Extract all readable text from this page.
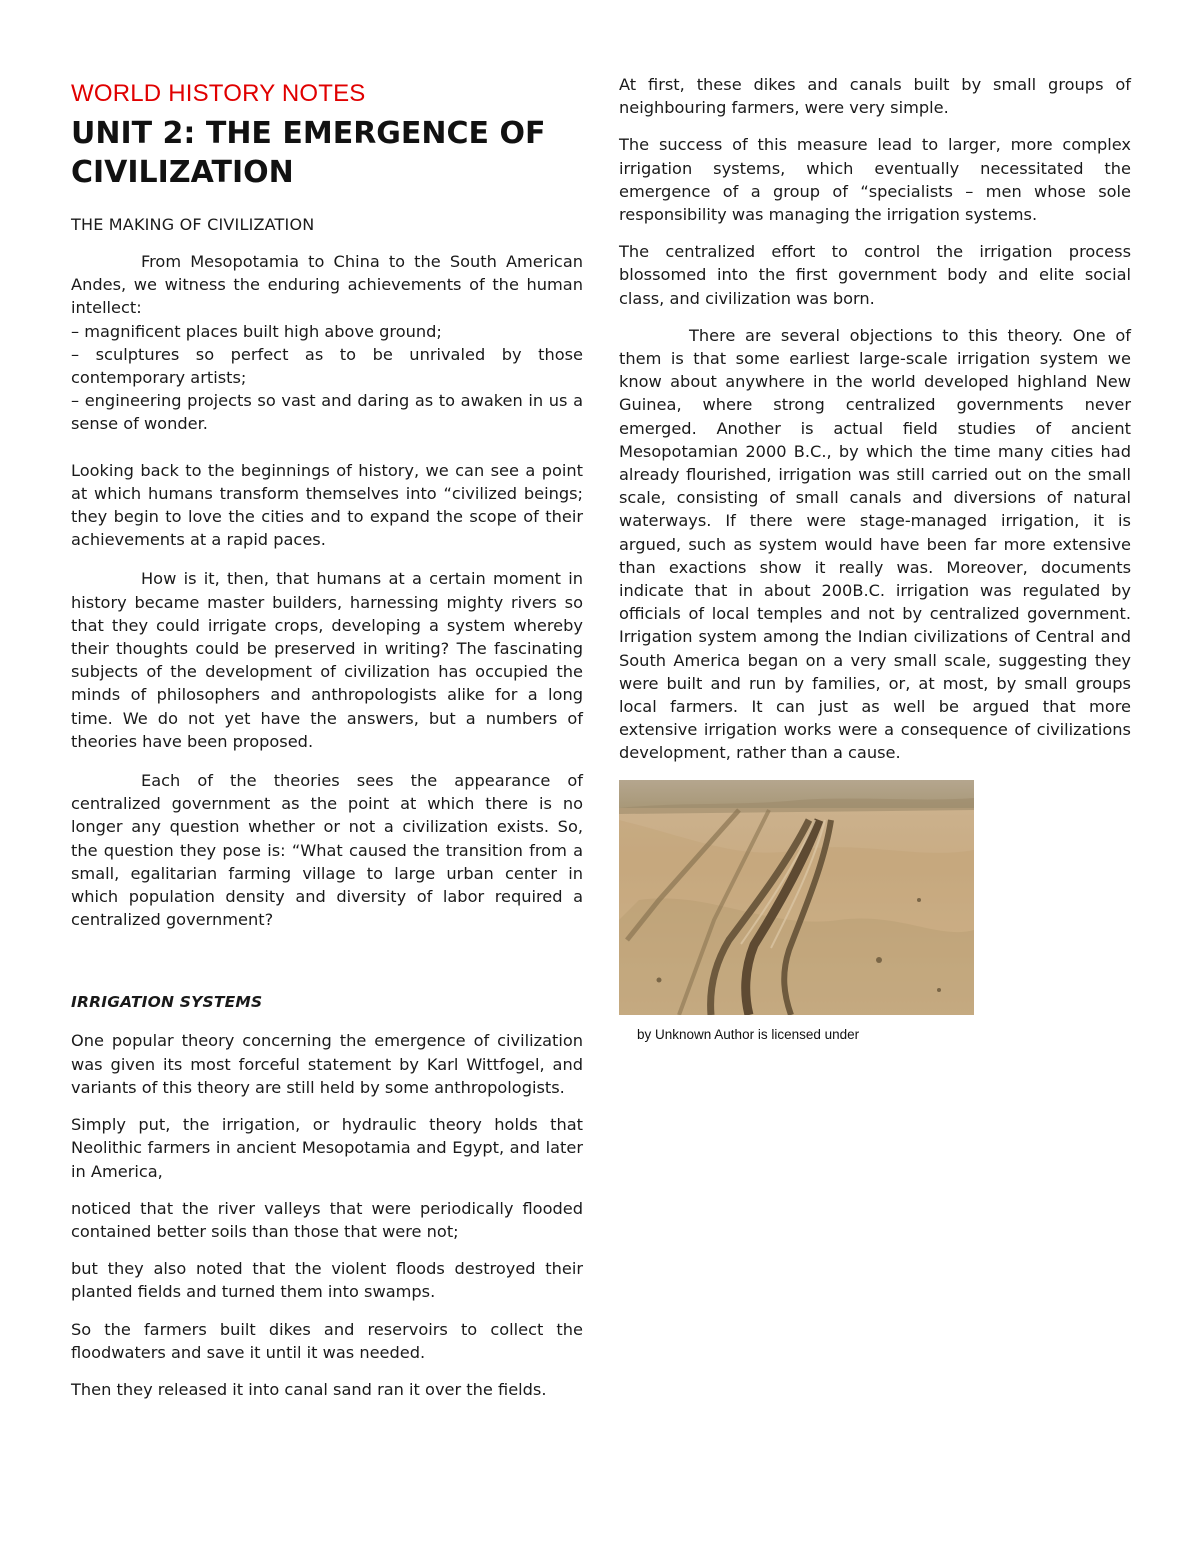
WORLD HISTORY NOTES
UNIT 2: THE EMERGENCE OF CIVILIZATION
THE MAKING OF CIVILIZATION

From Mesopotamia to China to the South American Andes, we witness the enduring achievements of the human intellect:

– magnificent places built high above ground;
– sculptures so perfect as to be unrivaled by those contemporary artists;
– engineering projects so vast and daring as to awaken in us a sense of wonder.

Looking back to the beginnings of history, we can see a point at which humans transform themselves into “civilized beings; they begin to love the cities and to expand the scope of their achievements at a rapid paces.

How is it, then, that humans at a certain moment in history became master builders, harnessing mighty rivers so that they could irrigate crops, developing a system whereby their thoughts could be preserved in writing? The fascinating subjects of the development of civilization has occupied the minds of philosophers and anthropologists alike for a long time. We do not yet have the answers, but a numbers of theories have been proposed.

Each of the theories sees the appearance of centralized government as the point at which there is no longer any question whether or not a civilization exists. So, the question they pose is: “What caused the transition from a small, egalitarian farming village to large urban center in which population density and diversity of labor required a centralized government?

IRRIGATION SYSTEMS

One popular theory concerning the emergence of civilization was given its most forceful statement by Karl Wittfogel, and variants of this theory are still held by some anthropologists.

Simply put, the irrigation, or hydraulic theory holds that Neolithic farmers in ancient Mesopotamia and Egypt, and later in America,

noticed that the river valleys that were periodically flooded contained better soils than those that were not;

but they also noted that the violent floods destroyed their planted fields and turned them into swamps.

So the farmers built dikes and reservoirs to collect the floodwaters and save it until it was needed.

Then they released it into canal sand ran it over the fields.

At first, these dikes and canals built by small groups of neighbouring farmers, were very simple.

The success of this measure lead to larger, more complex irrigation systems, which eventually necessitated the emergence of a group of “specialists – men whose sole responsibility was managing the irrigation systems.

The centralized effort to control the irrigation process blossomed into the first government body and elite social class, and civilization was born.

There are several objections to this theory. One of them is that some earliest large-scale irrigation system we know about anywhere in the world developed highland New Guinea, where strong centralized governments never emerged. Another is actual field studies of ancient Mesopotamian 2000 B.C., by which the time many cities had already flourished, irrigation was still carried out on the small scale, consisting of small canals and diversions of natural waterways. If there were stage-managed irrigation, it is argued, such as system would have been far more extensive than exactions show it really was. Moreover, documents indicate that in about 200B.C. irrigation was regulated by officials of local temples and not by centralized government. Irrigation system among the Indian civilizations of Central and South America began on a very small scale, suggesting they were built and run by families, or, at most, by small groups local farmers. It can just as well be argued that more extensive irrigation works were a consequence of civilizations development, rather than a cause.

by Unknown Author is licensed under
